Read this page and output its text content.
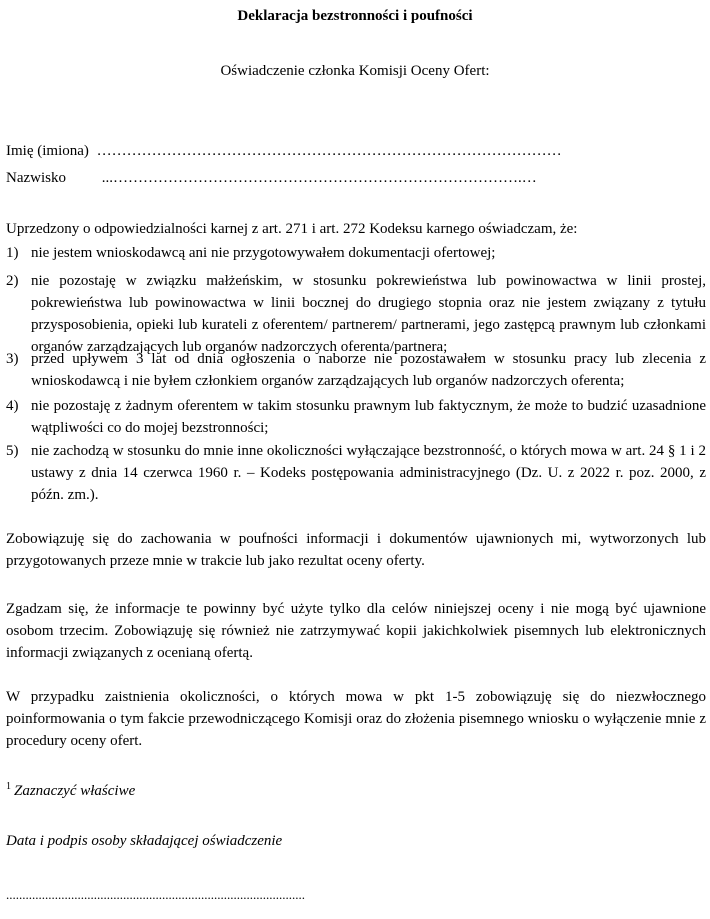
Deklaracja bezstronności i poufności
Oświadczenie członka Komisji Oceny Ofert:
Imię (imiona) …………………………………………………………………………………
Nazwisko ...……………………………………………………………………….…
Uprzedzony o odpowiedzialności karnej z art. 271 i art. 272 Kodeksu karnego oświadczam, że:
1) nie jestem wnioskodawcą ani nie przygotowywałem dokumentacji ofertowej;
2) nie pozostaję w związku małżeńskim, w stosunku pokrewieństwa lub powinowactwa w linii prostej, pokrewieństwa lub powinowactwa w linii bocznej do drugiego stopnia oraz nie jestem związany z tytułu przysposobienia, opieki lub kurateli z oferentem/ partnerem/ partnerami, jego zastępcą prawnym lub członkami organów zarządzających lub organów nadzorczych oferenta/partnera;
3) przed upływem 3 lat od dnia ogłoszenia o naborze nie pozostawałem w stosunku pracy lub zlecenia z wnioskodawcą i nie byłem członkiem organów zarządzających lub organów nadzorczych oferenta;
4) nie pozostaję z żadnym oferentem w takim stosunku prawnym lub faktycznym, że może to budzić uzasadnione wątpliwości co do mojej bezstronności;
5) nie zachodzą w stosunku do mnie inne okoliczności wyłączające bezstronność, o których mowa w art. 24 § 1 i 2 ustawy z dnia 14 czerwca 1960 r. – Kodeks postępowania administracyjnego (Dz. U. z 2022 r. poz. 2000, z późn. zm.).
Zobowiązuję się do zachowania w poufności informacji i dokumentów ujawnionych mi, wytworzonych lub przygotowanych przeze mnie w trakcie lub jako rezultat oceny oferty.
Zgadzam się, że informacje te powinny być użyte tylko dla celów niniejszej oceny i nie mogą być ujawnione osobom trzecim. Zobowiązuję się również nie zatrzymywać kopii jakichkolwiek pisemnych lub elektronicznych informacji związanych z ocenianą ofertą.
W przypadku zaistnienia okoliczności, o których mowa w pkt 1-5 zobowiązuję się do niezwłocznego poinformowania o tym fakcie przewodniczącego Komisji oraz do złożenia pisemnego wniosku o wyłączenie mnie z procedury oceny ofert.
$^1$ Zaznaczyć właściwe
Data i podpis osoby składającej oświadczenie
............................................................................................
